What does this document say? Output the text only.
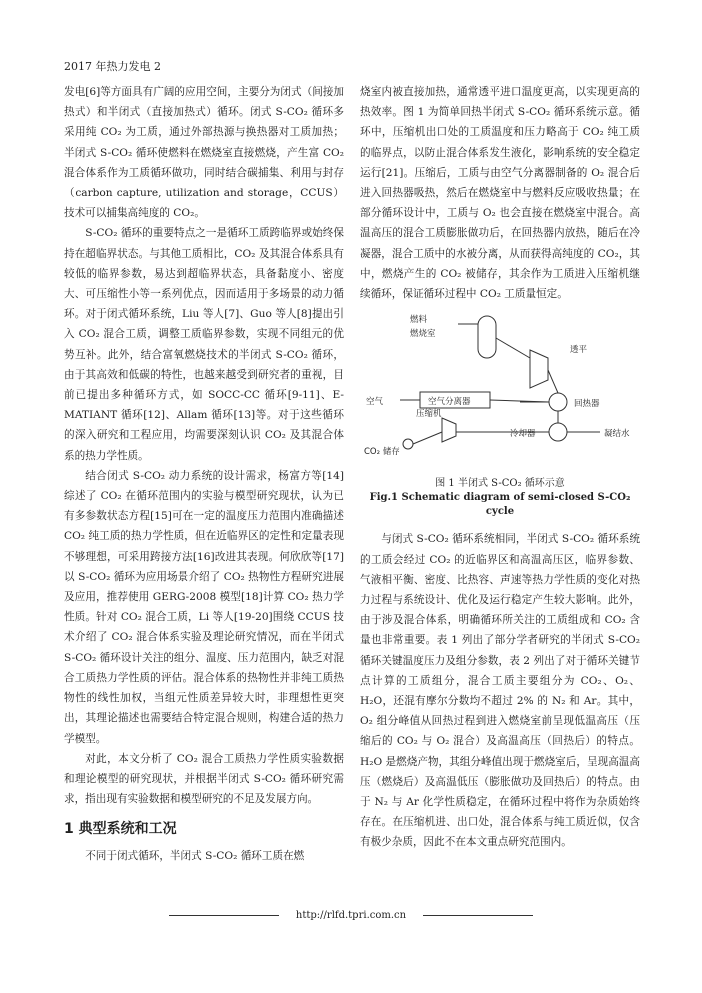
2017 年热力发电 2

发电[6]等方面具有广阔的应用空间，主要分为闭式（间接加热式）和半闭式（直接加热式）循环。闭式 S-CO₂ 循环多采用纯 CO₂ 为工质，通过外部热源与换热器对工质加热；半闭式 S-CO₂ 循环使燃料在燃烧室直接燃烧，产生富 CO₂ 混合体系作为工质循环做功，同时结合碳捕集、利用与封存（carbon capture, utilization and storage，CCUS）技术可以捕集高纯度的 CO₂。

S-CO₂ 循环的重要特点之一是循环工质跨临界或始终保持在超临界状态。与其他工质相比，CO₂ 及其混合体系具有较低的临界参数，易达到超临界状态，具备黏度小、密度大、可压缩性小等一系列优点，因而适用于多场景的动力循环。对于闭式循环系统，Liu 等人[7]、Guo 等人[8]提出引入 CO₂ 混合工质，调整工质临界参数，实现不同组元的优势互补。此外，结合富氧燃烧技术的半闭式 S-CO₂ 循环，由于其高效和低碳的特性，也越来越受到研究者的重视，目前已提出多种循环方式，如 SOCC-CC 循环[9-11]、E-MATIANT 循环[12]、Allam 循环[13]等。对于这些循环的深入研究和工程应用，均需要深刻认识 CO₂ 及其混合体系的热力学性质。

结合闭式 S-CO₂ 动力系统的设计需求，杨富方等[14]综述了 CO₂ 在循环范围内的实验与模型研究现状，认为已有多参数状态方程[15]可在一定的温度压力范围内准确描述 CO₂ 纯工质的热力学性质，但在近临界区的定性和定量表现不够理想，可采用跨接方法[16]改进其表现。何欣欣等[17]以 S-CO₂ 循环为应用场景介绍了 CO₂ 热物性方程研究进展及应用，推荐使用 GERG-2008 模型[18]计算 CO₂ 热力学性质。针对 CO₂ 混合工质，Li 等人[19-20]围绕 CCUS 技术介绍了 CO₂ 混合体系实验及理论研究情况，而在半闭式 S-CO₂ 循环设计关注的组分、温度、压力范围内，缺乏对混合工质热力学性质的评估。混合体系的热物性并非纯工质热物性的线性加权，当组元性质差异较大时，非理想性更突出，其理论描述也需要结合特定混合规则，构建合适的热力学模型。

对此，本文分析了 CO₂ 混合工质热力学性质实验数据和理论模型的研究现状，并根据半闭式 S-CO₂ 循环研究需求，指出现有实验数据和模型研究的不足及发展方向。

1 典型系统和工况

不同于闭式循环，半闭式 S-CO₂ 循环工质在燃

烧室内被直接加热，通常透平进口温度更高，以实现更高的热效率。图 1 为简单回热半闭式 S-CO₂ 循环系统示意。循环中，压缩机出口处的工质温度和压力略高于 CO₂ 纯工质的临界点，以防止混合体系发生液化，影响系统的安全稳定运行[21]。压缩后，工质与由空气分离器制备的 O₂ 混合后进入回热器吸热，然后在燃烧室中与燃料反应吸收热量；在部分循环设计中，工质与 O₂ 也会直接在燃烧室中混合。高温高压的混合工质膨胀做功后，在回热器内放热，随后在冷凝器，混合工质中的水被分离，从而获得高纯度的 CO₂，其中，燃烧产生的 CO₂ 被储存，其余作为工质进入压缩机继续循环，保证循环过程中 CO₂ 工质量恒定。

燃料
燃烧室
透平
空气	空气分离器	回热器
压缩机
冷却器	凝结水
CO₂ 储存
图 1 半闭式 S-CO₂ 循环示意
Fig.1 Schematic diagram of semi-closed S-CO₂ cycle

与闭式 S-CO₂ 循环系统相同，半闭式 S-CO₂ 循环系统的工质会经过 CO₂ 的近临界区和高温高压区，临界参数、气液相平衡、密度、比热容、声速等热力学性质的变化对热力过程与系统设计、优化及运行稳定产生较大影响。此外，由于涉及混合体系，明确循环所关注的工质组成和 CO₂ 含量也非常重要。表 1 列出了部分学者研究的半闭式 S-CO₂ 循环关键温度压力及组分参数，表 2 列出了对于循环关键节点计算的工质组分，混合工质主要组分为 CO₂、O₂、H₂O，还混有摩尔分数均不超过 2% 的 N₂ 和 Ar。其中，O₂ 组分峰值从回热过程到进入燃烧室前呈现低温高压（压缩后的 CO₂ 与 O₂ 混合）及高温高压（回热后）的特点。H₂O 是燃烧产物，其组分峰值出现于燃烧室后，呈现高温高压（燃烧后）及高温低压（膨胀做功及回热后）的特点。由于 N₂ 与 Ar 化学性质稳定，在循环过程中将作为杂质始终存在。在压缩机进、出口处，混合体系与纯工质近似，仅含有极少杂质，因此不在本文重点研究范围内。

http://rlfd.tpri.com.cn
